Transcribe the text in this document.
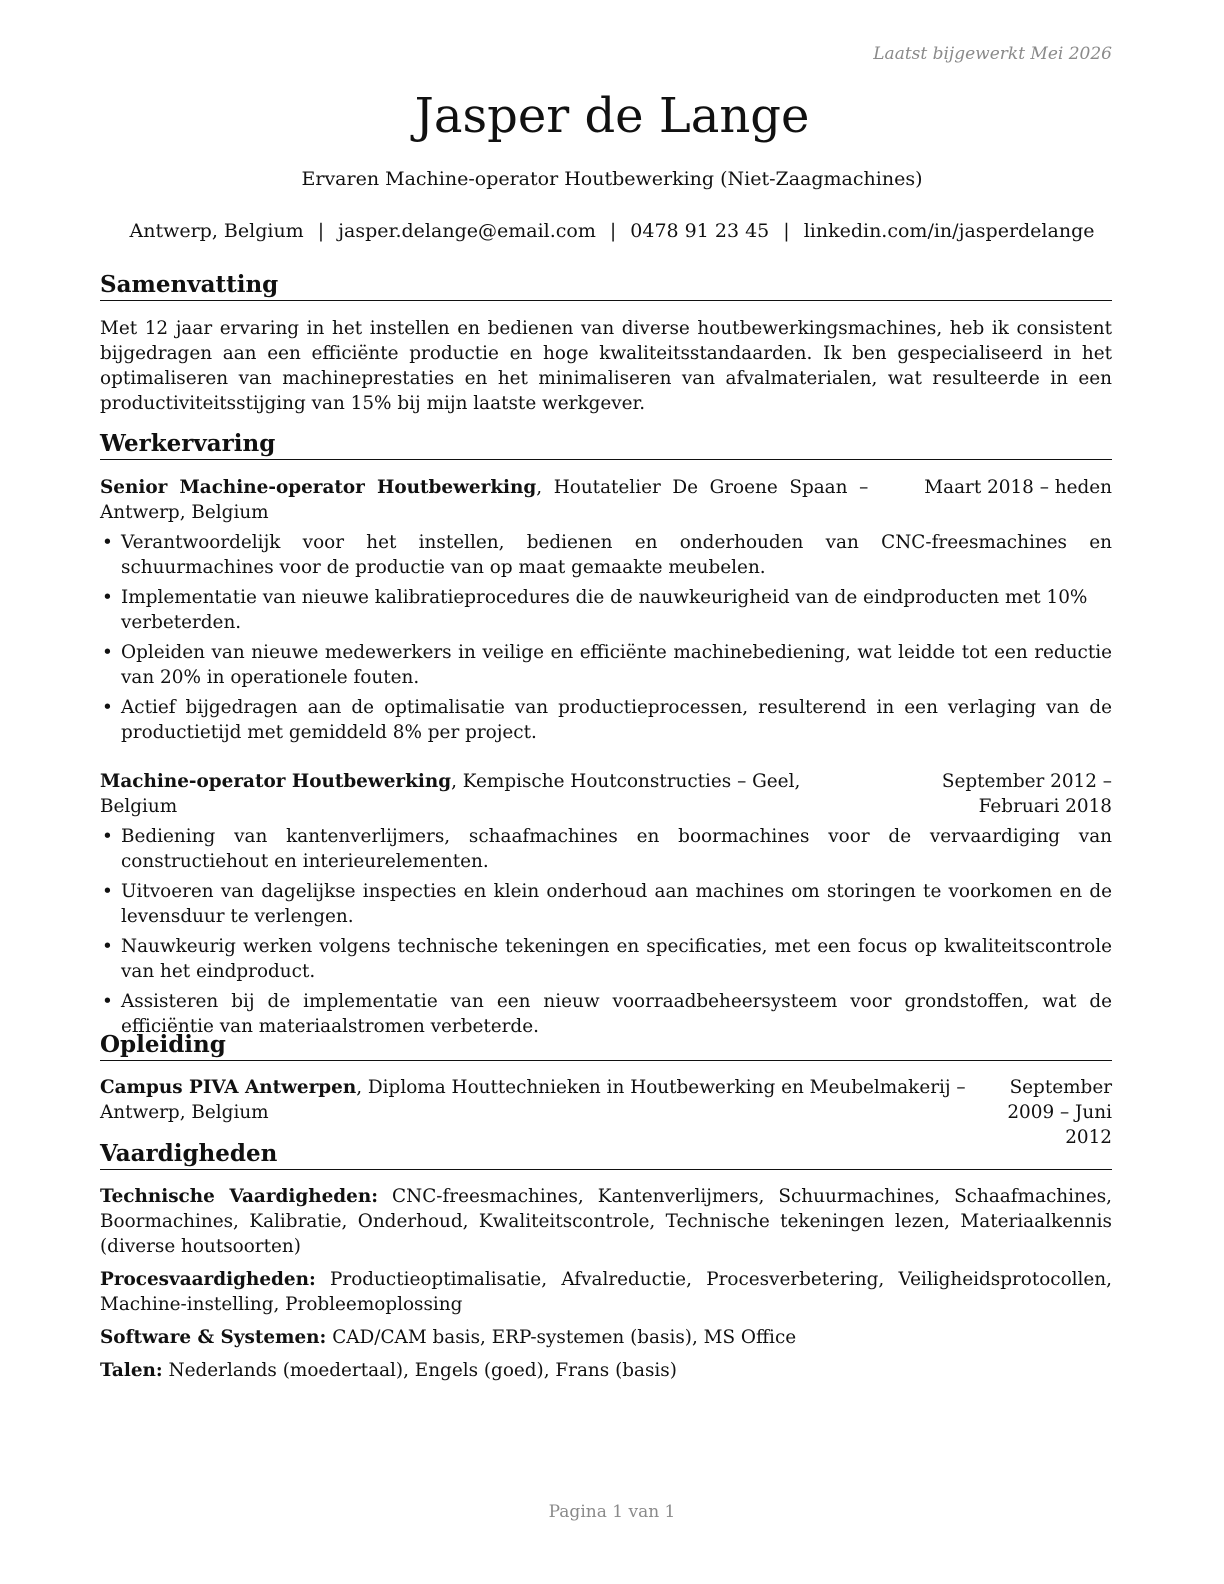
Laatst bijgewerkt Mei 2026
Jasper de Lange
Ervaren Machine-operator Houtbewerking (Niet-Zaagmachines)
Antwerp, Belgium | jasper.delange@email.com | 0478 91 23 45 | linkedin.com/in/jasperdelange
Samenvatting

Met 12 jaar ervaring in het instellen en bedienen van diverse houtbewerkingsmachines, heb ik consistent bijgedragen aan een efficiënte productie en hoge kwaliteitsstandaarden. Ik ben gespecialiseerd in het optimaliseren van machineprestaties en het minimaliseren van afvalmaterialen, wat resulteerde in een productiviteitsstijging van 15% bij mijn laatste werkgever.

Werkervaring
Senior Machine-operator Houtbewerking, Houtatelier De Groene Spaan – Antwerp, Belgium
Maart 2018 – heden
• Verantwoordelijk voor het instellen, bedienen en onderhouden van CNC-freesmachines en schuurmachines voor de productie van op maat gemaakte meubelen.
• Implementatie van nieuwe kalibratieprocedures die de nauwkeurigheid van de eindproducten met 10% verbeterden.
• Opleiden van nieuwe medewerkers in veilige en efficiënte machinebediening, wat leidde tot een reductie van 20% in operationele fouten.
• Actief bijgedragen aan de optimalisatie van productieprocessen, resulterend in een verlaging van de productietijd met gemiddeld 8% per project.
Machine-operator Houtbewerking, Kempische Houtconstructies – Geel, Belgium
September 2012 – Februari 2018
• Bediening van kantenverlijmers, schaafmachines en boormachines voor de vervaardiging van constructiehout en interieurelementen.
• Uitvoeren van dagelijkse inspecties en klein onderhoud aan machines om storingen te voorkomen en de levensduur te verlengen.
• Nauwkeurig werken volgens technische tekeningen en specificaties, met een focus op kwaliteitscontrole van het eindproduct.
• Assisteren bij de implementatie van een nieuw voorraadbeheersysteem voor grondstoffen, wat de efficiëntie van materiaalstromen verbeterde.
Opleiding
Campus PIVA Antwerpen, Diploma Houttechnieken in Houtbewerking en Meubelmakerij – Antwerp, Belgium
September 2009 – Juni 2012
Vaardigheden
Technische Vaardigheden: CNC-freesmachines, Kantenverlijmers, Schuurmachines, Schaafmachines, Boormachines, Kalibratie, Onderhoud, Kwaliteitscontrole, Technische tekeningen lezen, Materiaalkennis (diverse houtsoorten)
Procesvaardigheden: Productieoptimalisatie, Afvalreductie, Procesverbetering, Veiligheidsprotocollen, Machine-instelling, Probleemoplossing
Software & Systemen: CAD/CAM basis, ERP-systemen (basis), MS Office
Talen: Nederlands (moedertaal), Engels (goed), Frans (basis)
Pagina 1 van 1
